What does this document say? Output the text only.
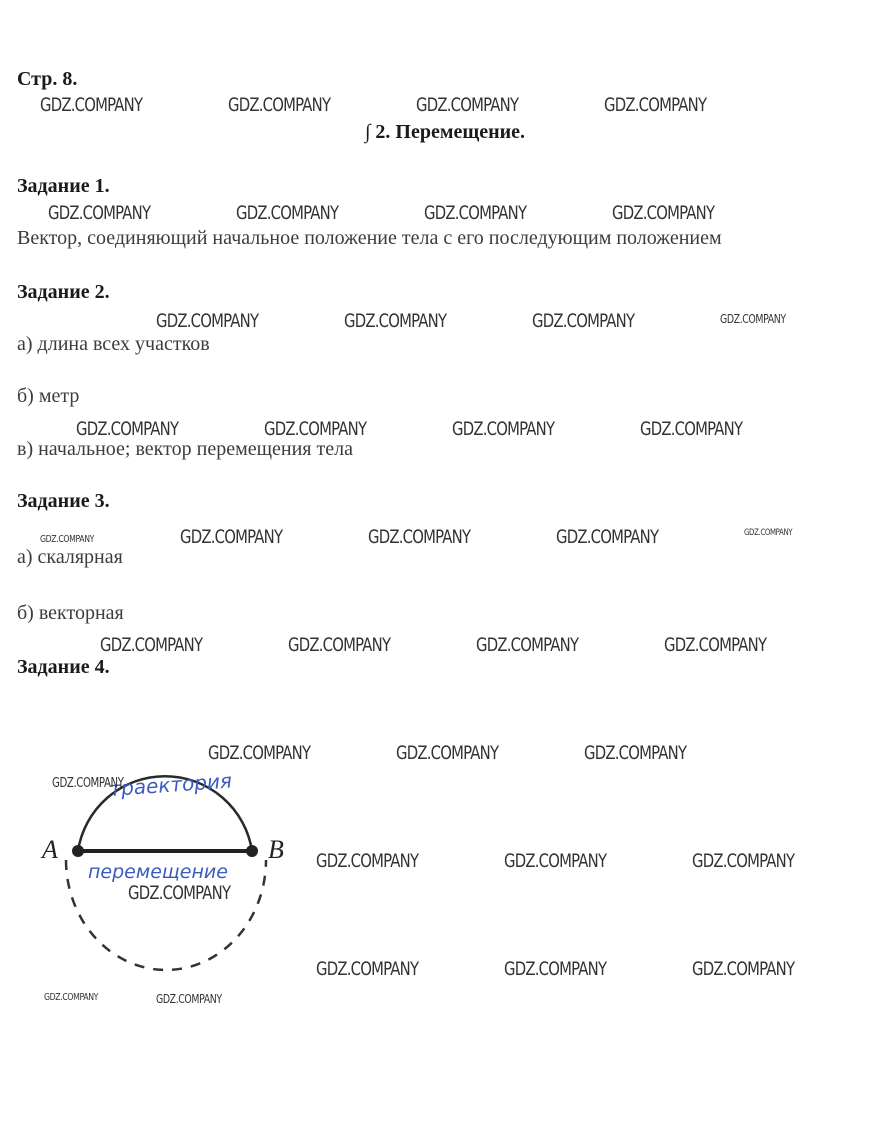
Стр. 8.
∫ 2. Перемещение.
Задание 1.
Вектор, соединяющий начальное положение тела с его последующим положением
Задание 2.
а) длина всех участков
б) метр
в) начальное; вектор перемещения тела
Задание 3.
а) скалярная
б) векторная
Задание 4.
A	B
траектория
перемещение
GDZ.COMPANY	GDZ.COMPANY	GDZ.COMPANY	GDZ.COMPANY
GDZ.COMPANY	GDZ.COMPANY	GDZ.COMPANY	GDZ.COMPANY
GDZ.COMPANY	GDZ.COMPANY	GDZ.COMPANY	GDZ.COMPANY
GDZ.COMPANY	GDZ.COMPANY	GDZ.COMPANY	GDZ.COMPANY
GDZ.COMPANY	GDZ.COMPANY	GDZ.COMPANY	GDZ.COMPANY	GDZ.COMPANY
GDZ.COMPANY	GDZ.COMPANY	GDZ.COMPANY	GDZ.COMPANY
GDZ.COMPANY	GDZ.COMPANY	GDZ.COMPANY
GDZ.COMPANY
GDZ.COMPANY	GDZ.COMPANY	GDZ.COMPANY
GDZ.COMPANY
GDZ.COMPANY	GDZ.COMPANY	GDZ.COMPANY
GDZ.COMPANY	GDZ.COMPANY
